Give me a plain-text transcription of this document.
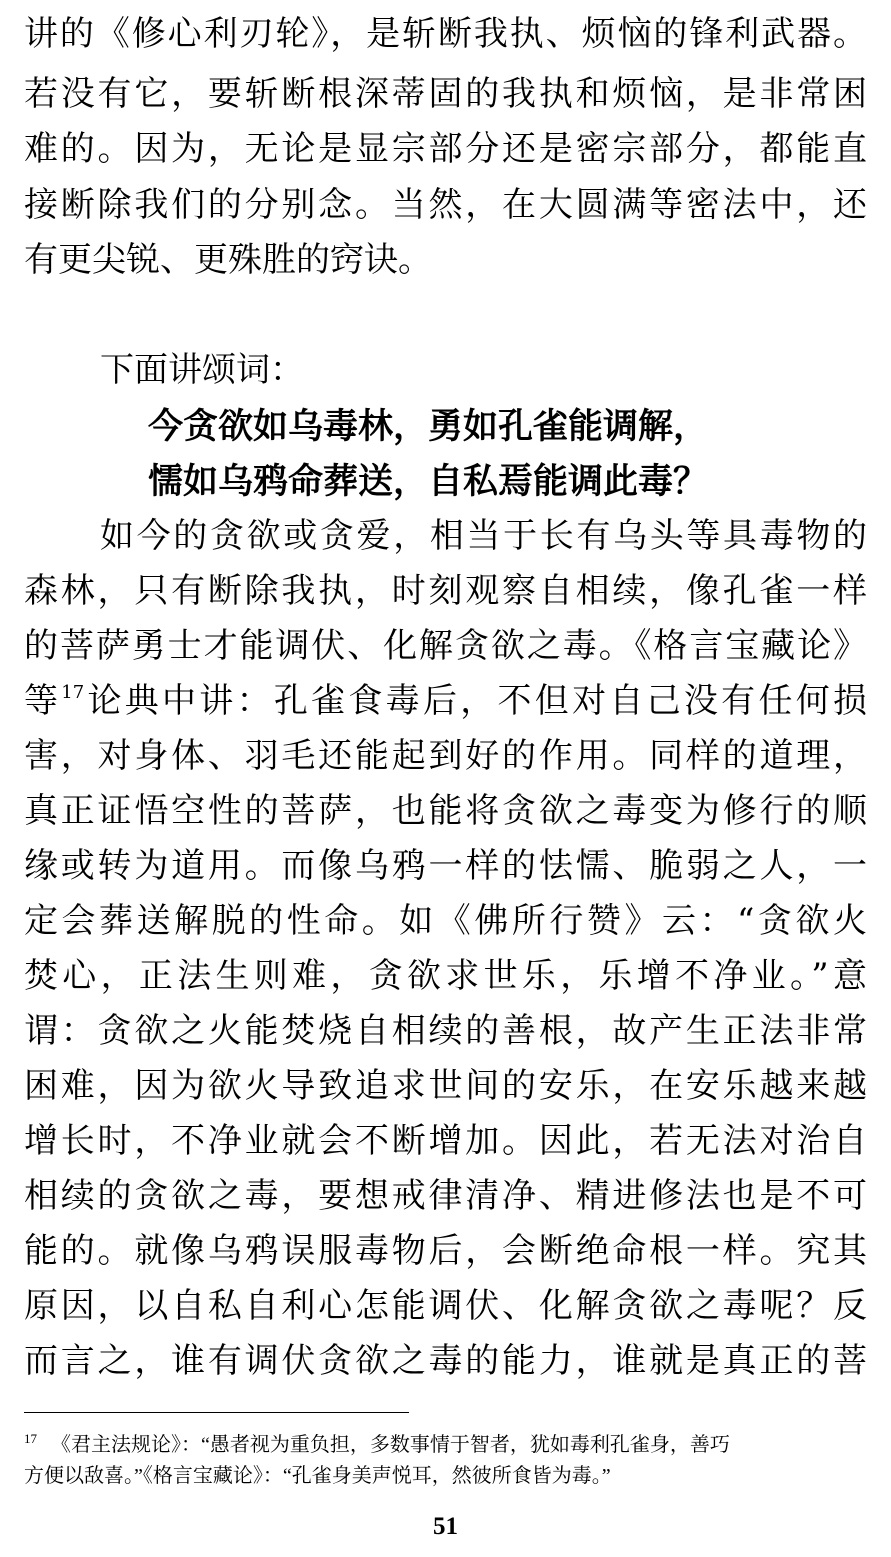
讲的《修心利刃轮》，是斩断我执、烦恼的锋利武器。
若没有它，要斩断根深蒂固的我执和烦恼，是非常困
难的。因为，无论是显宗部分还是密宗部分，都能直
接断除我们的分别念。当然，在大圆满等密法中，还
有更尖锐、更殊胜的窍诀。
下面讲颂词：
今贪欲如乌毒林，勇如孔雀能调解，
懦如乌鸦命葬送，自私焉能调此毒？
如今的贪欲或贪爱，相当于长有乌头等具毒物的
森林，只有断除我执，时刻观察自相续，像孔雀一样
的菩萨勇士才能调伏、化解贪欲之毒。《格言宝藏论》
等$^{17}$论典中讲：孔雀食毒后，不但对自己没有任何损
害，对身体、羽毛还能起到好的作用。同样的道理，
真正证悟空性的菩萨，也能将贪欲之毒变为修行的顺
缘或转为道用。而像乌鸦一样的怯懦、脆弱之人，一
定会葬送解脱的性命。如《佛所行赞》云：“贪欲火
焚心，正法生则难，贪欲求世乐，乐增不净业。”意
谓：贪欲之火能焚烧自相续的善根，故产生正法非常
困难，因为欲火导致追求世间的安乐，在安乐越来越
增长时，不净业就会不断增加。因此，若无法对治自
相续的贪欲之毒，要想戒律清净、精进修法也是不可
能的。就像乌鸦误服毒物后，会断绝命根一样。究其
原因，以自私自利心怎能调伏、化解贪欲之毒呢？反
而言之，谁有调伏贪欲之毒的能力，谁就是真正的菩
$^{17}$ 《君主法规论》：“愚者视为重负担，多数事情于智者，犹如毒利孔雀身，善巧
方便以敌喜。”《格言宝藏论》：“孔雀身美声悦耳，然彼所食皆为毒。”
51
